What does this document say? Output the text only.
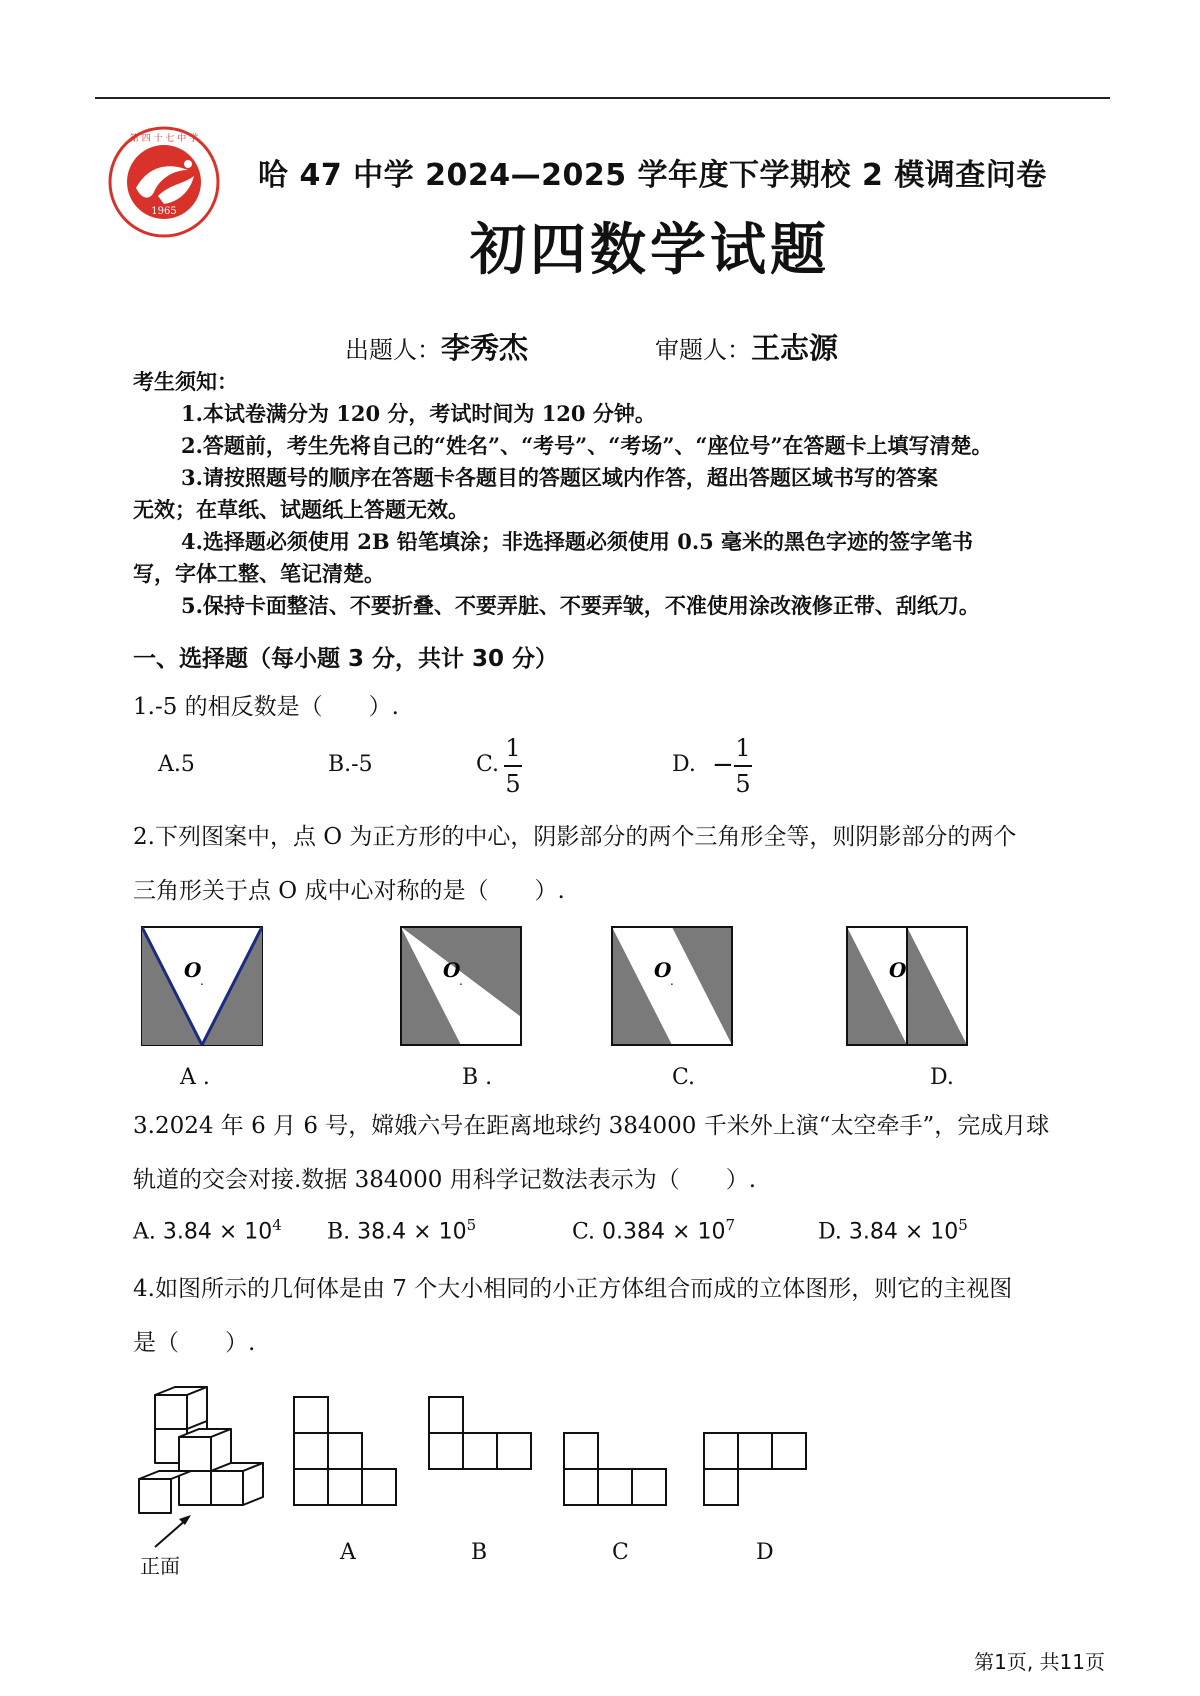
1965
第 四 十 七 中 学
哈 47 中学 2024—2025 学年度下学期校 2 模调查问卷
初四数学试题
出题人：李秀杰	审题人：王志源
考生须知：
1.本试卷满分为 120 分，考试时间为 120 分钟。
2.答题前，考生先将自己的“姓名”、“考号”、“考场”、“座位号”在答题卡上填写清楚。
3.请按照题号的顺序在答题卡各题目的答题区域内作答，超出答题区域书写的答案
无效；在草纸、试题纸上答题无效。
4.选择题必须使用 2B 铅笔填涂；非选择题必须使用 0.5 毫米的黑色字迹的签字笔书
写，字体工整、笔记清楚。
5.保持卡面整洁、不要折叠、不要弄脏、不要弄皱，不准使用涂改液修正带、刮纸刀。
一、选择题（每小题 3 分，共计 30 分）
1.-5 的相反数是（　　）.
A.5	B.-5	C.
1
5
D. −
1
5
2.下列图案中，点 O 为正方形的中心，阴影部分的两个三角形全等，则阴影部分的两个
三角形关于点 O 成中心对称的是（　　）.
O
.
A .
O
.
B .
O
.
C.
O
.
D.
3.2024 年 6 月 6 号，嫦娥六号在距离地球约 384000 千米外上演“太空牵手”，完成月球
轨道的交会对接.数据 384000 用科学记数法表示为（　　）.
A. $3.84 \times 10^4$ B. $38.4 \times 10^5$	C. $0.384 \times 10^7$	D. $3.84 \times 10^5$
4.如图所示的几何体是由 7 个大小相同的小正方体组合而成的立体图形，则它的主视图
是（　　）.
正面
A	B	C	D
第1页, 共11页
